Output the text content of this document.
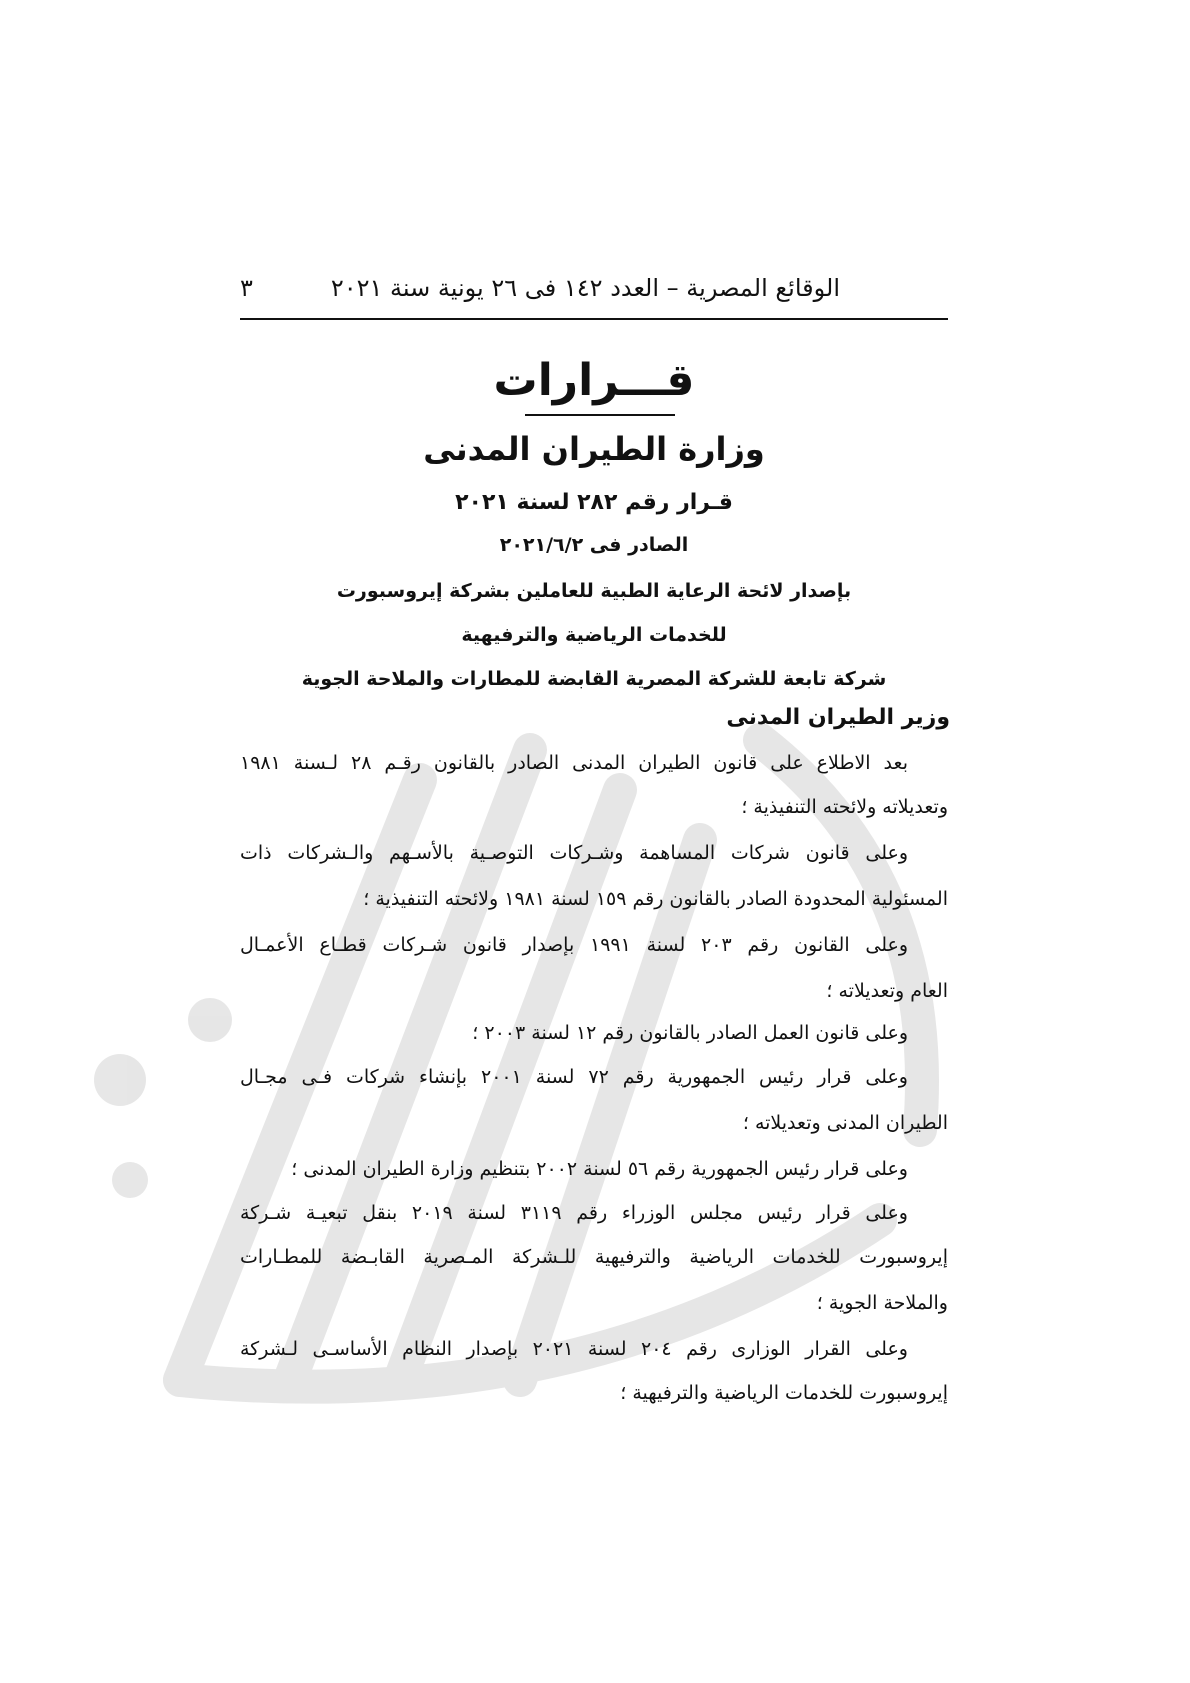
الوقائع المصرية – العدد ١٤٢ فى ٢٦ يونية سنة ٢٠٢١
٣
قـــرارات
وزارة الطيران المدنى
قـرار رقم ٢٨٢ لسنة ٢٠٢١
الصادر فى ٢٠٢١/٦/٢
بإصدار لائحة الرعاية الطبية للعاملين بشركة إيروسبورت
للخدمات الرياضية والترفيهية
شركة تابعة للشركة المصرية القابضة للمطارات والملاحة الجوية
وزير الطيران المدنى
بعد الاطلاع على قانون الطيران المدنى الصادر بالقانون رقـم ٢٨ لـسنة ١٩٨١
وتعديلاته ولائحته التنفيذية ؛
وعلى قانون شركات المساهمة وشـركات التوصـية بالأسـهم والـشركات ذات
المسئولية المحدودة الصادر بالقانون رقم ١٥٩ لسنة ١٩٨١ ولائحته التنفيذية ؛
وعلى القانون رقم ٢٠٣ لسنة ١٩٩١ بإصدار قانون شـركات قطـاع الأعمـال
العام وتعديلاته ؛
وعلى قانون العمل الصادر بالقانون رقم ١٢ لسنة ٢٠٠٣ ؛
وعلى قرار رئيس الجمهورية رقم ٧٢ لسنة ٢٠٠١ بإنشاء شركات فـى مجـال
الطيران المدنى وتعديلاته ؛
وعلى قرار رئيس الجمهورية رقم ٥٦ لسنة ٢٠٠٢ بتنظيم وزارة الطيران المدنى ؛
وعلى قرار رئيس مجلس الوزراء رقم ٣١١٩ لسنة ٢٠١٩ بنقل تبعيـة شـركة
إيروسبورت للخدمات الرياضية والترفيهية للـشركة المـصرية القابـضة للمطـارات
والملاحة الجوية ؛
وعلى القرار الوزارى رقم ٢٠٤ لسنة ٢٠٢١ بإصدار النظام الأساسـى لـشركة
إيروسبورت للخدمات الرياضية والترفيهية ؛
